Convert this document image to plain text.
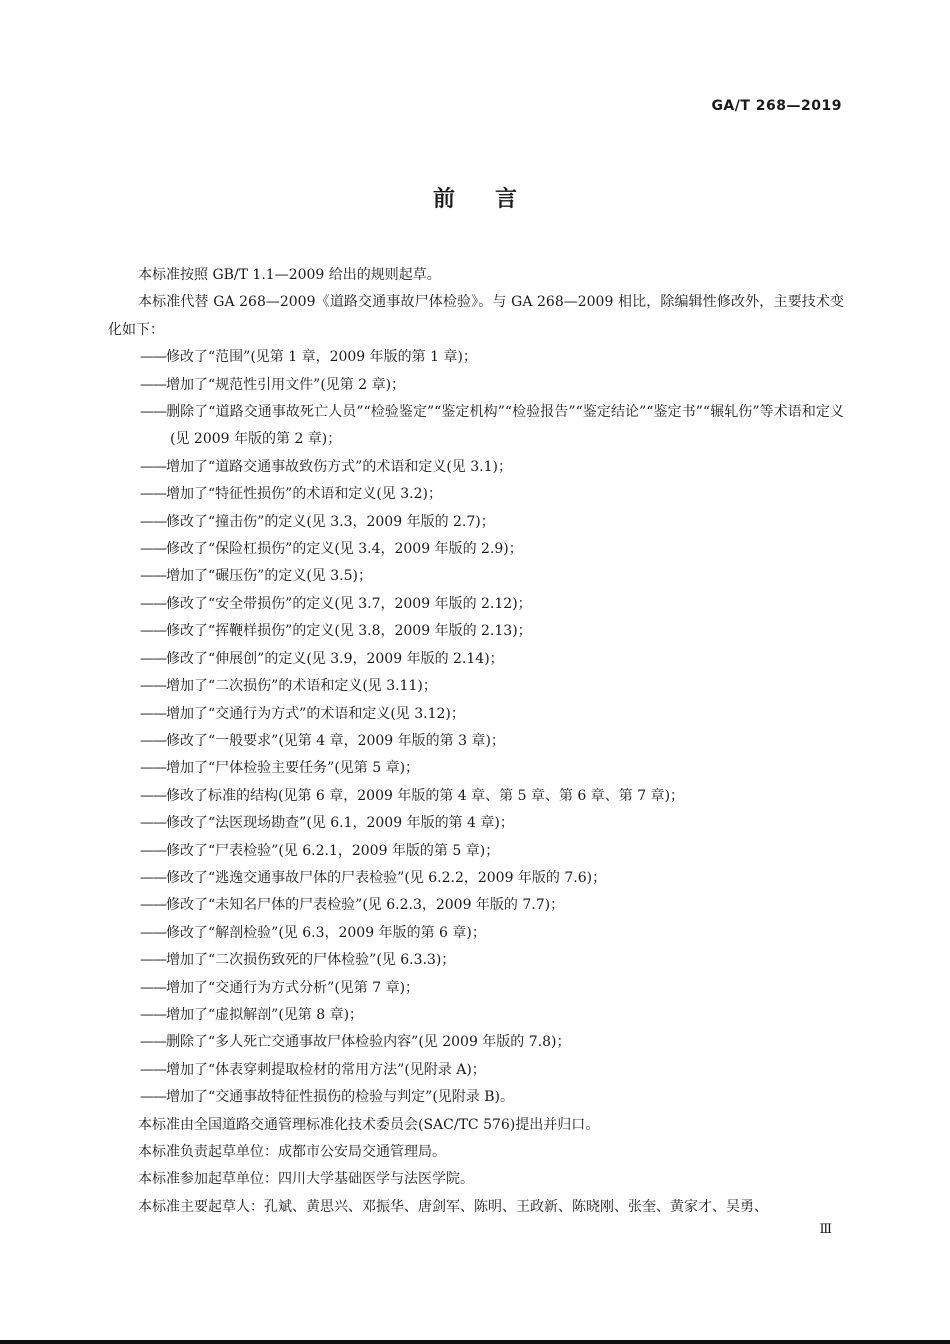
GA/T 268—2019
前 言
本标准按照 GB/T 1.1—2009 给出的规则起草。
本标准代替 GA 268—2009《道路交通事故尸体检验》。与 GA 268—2009 相比，除编辑性修改外，主要技术变化如下：
——修改了“范围”(见第 1 章，2009 年版的第 1 章)；
——增加了“规范性引用文件”(见第 2 章)；
——删除了“道路交通事故死亡人员”“检验鉴定”“鉴定机构”“检验报告”“鉴定结论”“鉴定书”“辗轧伤”等术语和定义(见 2009 年版的第 2 章)；
——增加了“道路交通事故致伤方式”的术语和定义(见 3.1)；
——增加了“特征性损伤”的术语和定义(见 3.2)；
——修改了“撞击伤”的定义(见 3.3，2009 年版的 2.7)；
——修改了“保险杠损伤”的定义(见 3.4，2009 年版的 2.9)；
——增加了“碾压伤”的定义(见 3.5)；
——修改了“安全带损伤”的定义(见 3.7，2009 年版的 2.12)；
——修改了“挥鞭样损伤”的定义(见 3.8，2009 年版的 2.13)；
——修改了“伸展创”的定义(见 3.9，2009 年版的 2.14)；
——增加了“二次损伤”的术语和定义(见 3.11)；
——增加了“交通行为方式”的术语和定义(见 3.12)；
——修改了“一般要求”(见第 4 章，2009 年版的第 3 章)；
——增加了“尸体检验主要任务”(见第 5 章)；
——修改了标准的结构(见第 6 章，2009 年版的第 4 章、第 5 章、第 6 章、第 7 章)；
——修改了“法医现场勘查”(见 6.1，2009 年版的第 4 章)；
——修改了“尸表检验”(见 6.2.1，2009 年版的第 5 章)；
——修改了“逃逸交通事故尸体的尸表检验”(见 6.2.2，2009 年版的 7.6)；
——修改了“未知名尸体的尸表检验”(见 6.2.3，2009 年版的 7.7)；
——修改了“解剖检验”(见 6.3，2009 年版的第 6 章)；
——增加了“二次损伤致死的尸体检验”(见 6.3.3)；
——增加了“交通行为方式分析”(见第 7 章)；
——增加了“虚拟解剖”(见第 8 章)；
——删除了“多人死亡交通事故尸体检验内容”(见 2009 年版的 7.8)；
——增加了“体表穿刺提取检材的常用方法”(见附录 A)；
——增加了“交通事故特征性损伤的检验与判定”(见附录 B)。
本标准由全国道路交通管理标准化技术委员会(SAC/TC 576)提出并归口。
本标准负责起草单位：成都市公安局交通管理局。
本标准参加起草单位：四川大学基础医学与法医学院。
本标准主要起草人：孔斌、黄思兴、邓振华、唐剑军、陈明、王政新、陈晓刚、张奎、黄家才、吴勇、
Ⅲ
